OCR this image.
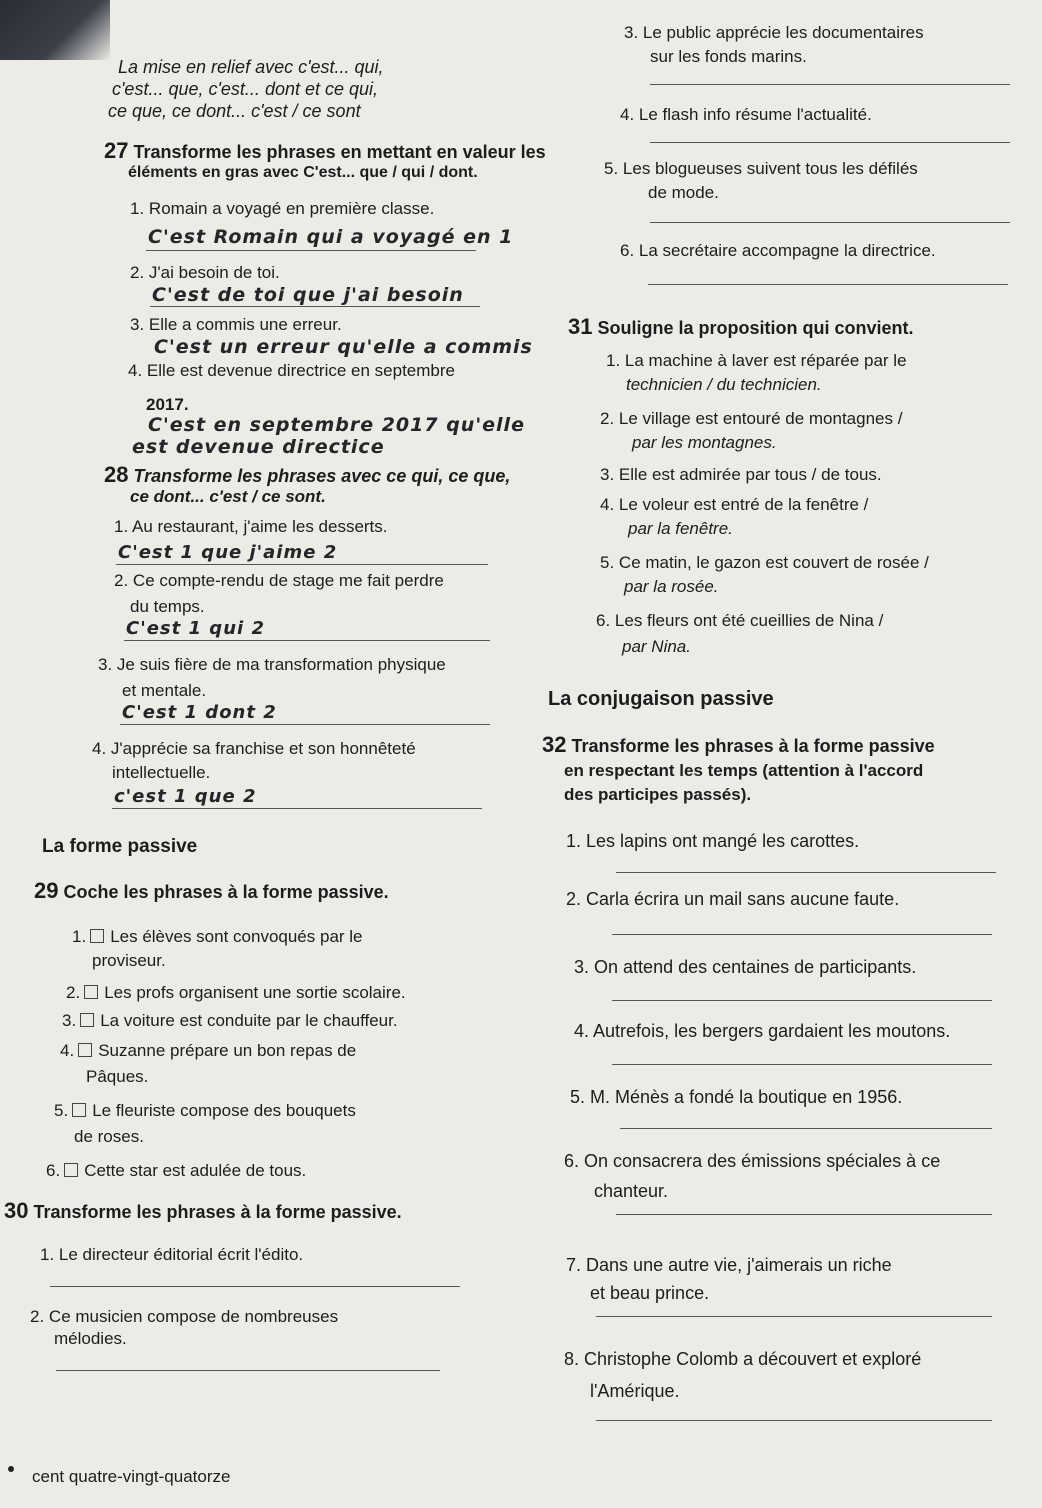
La mise en relief avec c'est... qui,
c'est... que, c'est... dont et ce qui,
ce que, ce dont... c'est / ce sont
27 Transforme les phrases en mettant en valeur les
éléments en gras avec C'est... que / qui / dont.
1. Romain a voyagé en première classe.
C'est Romain qui a voyagé en 1
2. J'ai besoin de toi.
C'est de toi que j'ai besoin
3. Elle a commis une erreur.
C'est un erreur qu'elle a commis
4. Elle est devenue directrice en septembre
2017.
C'est en septembre 2017 qu'elle
est devenue directice
28 Transforme les phrases avec ce qui, ce que,
ce dont... c'est / ce sont.
1. Au restaurant, j'aime les desserts.
C'est 1 que j'aime 2
2. Ce compte-rendu de stage me fait perdre
du temps.
C'est 1 qui 2
3. Je suis fière de ma transformation physique
et mentale.
C'est 1 dont 2
4. J'apprécie sa franchise et son honnêteté
intellectuelle.
c'est 1 que 2
La forme passive
29 Coche les phrases à la forme passive.
1. Les élèves sont convoqués par le
proviseur.
2. Les profs organisent une sortie scolaire.
3. La voiture est conduite par le chauffeur.
4. Suzanne prépare un bon repas de
Pâques.
5. Le fleuriste compose des bouquets
de roses.
6. Cette star est adulée de tous.
30 Transforme les phrases à la forme passive.
1. Le directeur éditorial écrit l'édito.
2. Ce musicien compose de nombreuses
mélodies.
cent quatre-vingt-quatorze
3. Le public apprécie les documentaires
sur les fonds marins.
4. Le flash info résume l'actualité.
5. Les blogueuses suivent tous les défilés
de mode.
6. La secrétaire accompagne la directrice.
31 Souligne la proposition qui convient.
1. La machine à laver est réparée par le
technicien / du technicien.
2. Le village est entouré de montagnes /
par les montagnes.
3. Elle est admirée par tous / de tous.
4. Le voleur est entré de la fenêtre /
par la fenêtre.
5. Ce matin, le gazon est couvert de rosée /
par la rosée.
6. Les fleurs ont été cueillies de Nina /
par Nina.
La conjugaison passive
32 Transforme les phrases à la forme passive
en respectant les temps (attention à l'accord
des participes passés).
1. Les lapins ont mangé les carottes.
2. Carla écrira un mail sans aucune faute.
3. On attend des centaines de participants.
4. Autrefois, les bergers gardaient les moutons.
5. M. Ménès a fondé la boutique en 1956.
6. On consacrera des émissions spéciales à ce
chanteur.
7. Dans une autre vie, j'aimerais un riche
et beau prince.
8. Christophe Colomb a découvert et exploré
l'Amérique.
